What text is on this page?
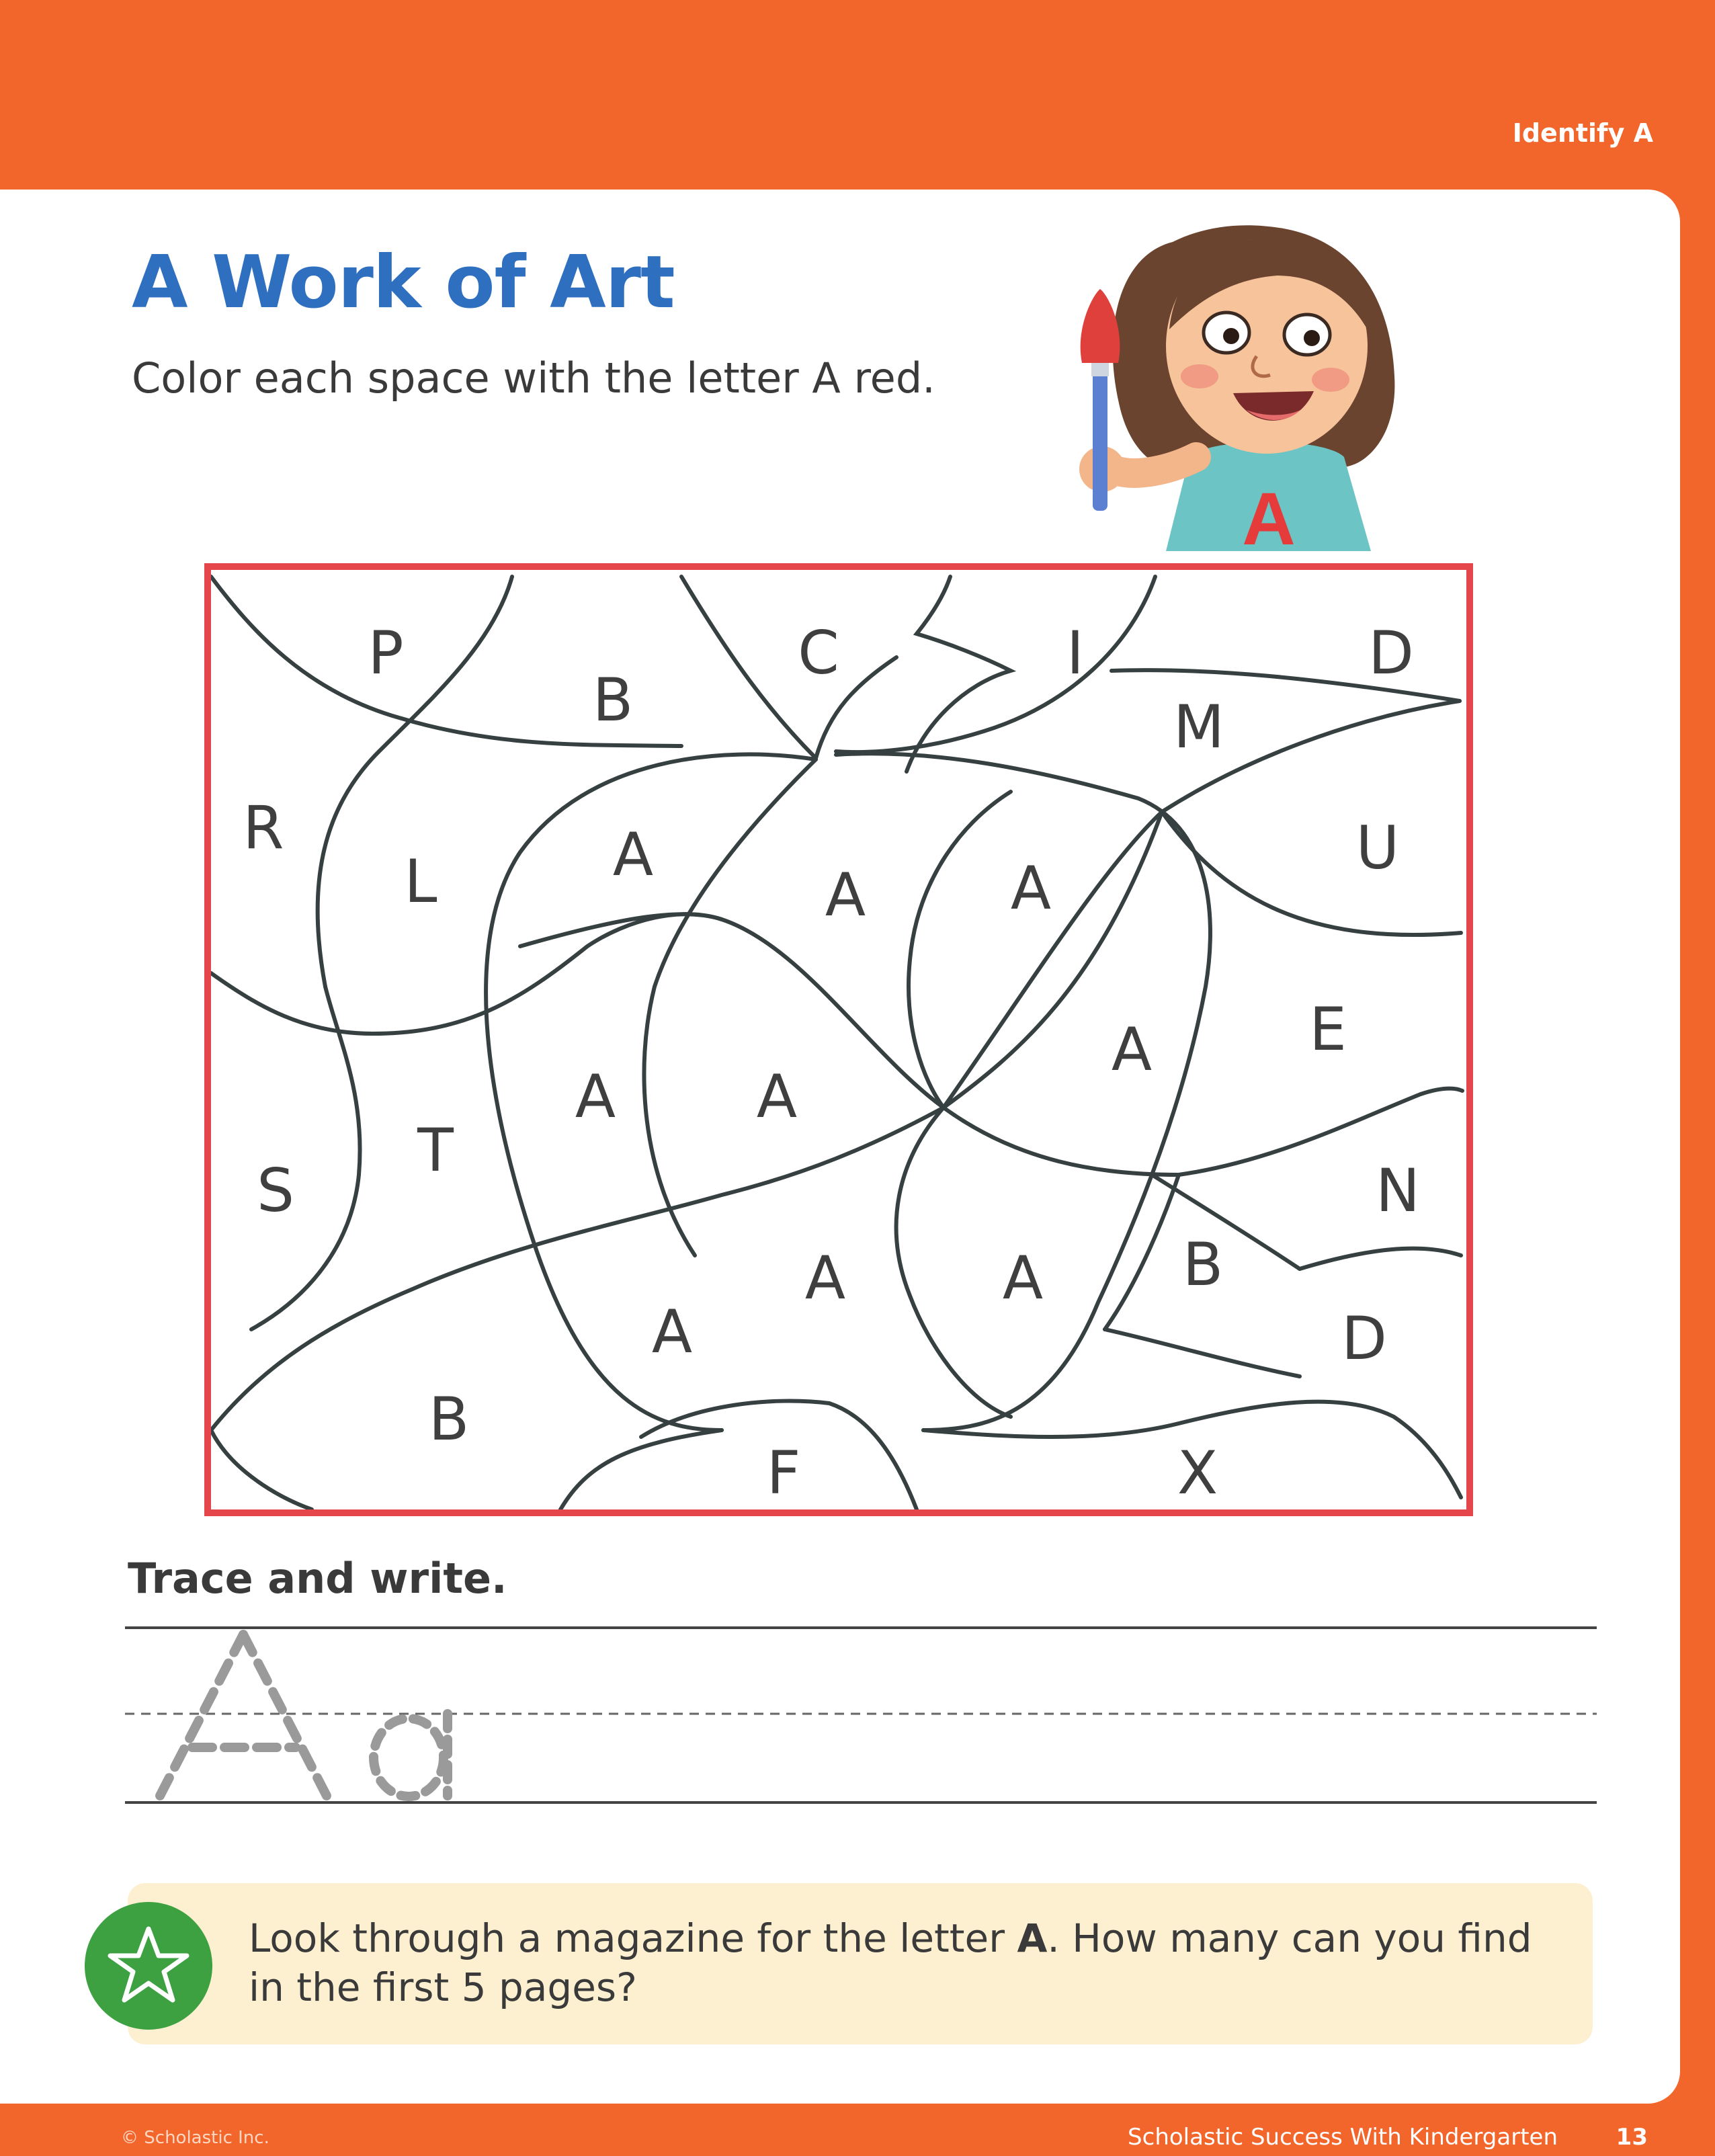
Identify A
A Work of Art
Color each space with the letter A red.
A
P
B
C	I	D
M
R
L	A
A	A
U
A	E
A	A
S
T
N
A	A	B
A	D
B
F	X
Trace and write.
Look through a magazine for the letter A. How many can you find in the first 5 pages?
© Scholastic Inc.	Scholastic Success With Kindergarten	13
